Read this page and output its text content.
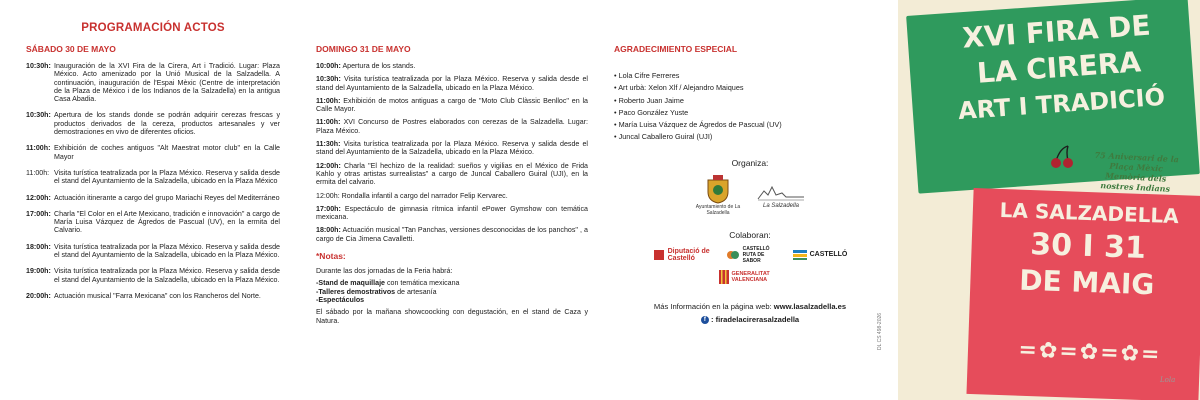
PROGRAMACIÓN ACTOS
SÁBADO 30 DE MAYO
10:30h: Inauguración de la XVI Fira de la Cirera, Art i Tradició. Lugar: Plaza México. Acto amenizado por la Unió Musical de la Salzadella. A continuación, inauguración de l'Espai Mèxic (Centre de interpretación de la Plaza de México i de los Indianos de la Salzadella) en la antigua Casa Abadia.
10:30h: Apertura de los stands donde se podrán adquirir cerezas frescas y productos derivados de la cereza, productos artesanales y ver demostraciones en vivo de diferentes oficios.
11:00h: Exhibición de coches antiguos "Alt Maestrat motor club" en la Calle Mayor
11:00h: Visita turística teatralizada por la Plaza México. Reserva y salida desde el stand del Ayuntamiento de la Salzadella, ubicado en la Plaza México
12:00h: Actuación itinerante a cargo del grupo Mariachi Reyes del Mediterráneo
17:00h: Charla "El Color en el Arte Mexicano, tradición e innovación" a cargo de María Luisa Vázquez de Ágredos de Pascual (UV), en la ermita del Calvario.
18:00h: Visita turística teatralizada por la Plaza México. Reserva y salida desde el stand del Ayuntamiento de la Salzadella, ubicado en la Plaza México.
19:00h: Visita turística teatralizada por la Plaza México. Reserva y salida desde el stand del Ayuntamiento de la Salzadella, ubicado en la Plaza México.
20:00h: Actuación musical "Farra Mexicana" con los Rancheros del Norte.
DOMINGO 31 DE MAYO
10:00h: Apertura de los stands.
10:30h: Visita turística teatralizada por la Plaza México. Reserva y salida desde el stand del Ayuntamiento de la Salzadella, ubicado en la Plaza México.
11:00h: Exhibición de motos antiguas a cargo de "Moto Club Clàssic Benlloc" en la Calle Mayor.
11:00h: XVI Concurso de Postres elaborados con cerezas de la Salzadella. Lugar: Plaza México.
11:30h: Visita turística teatralizada por la Plaza México. Reserva y salida desde el stand del Ayuntamiento de la Salzadella, ubicado en la Plaza México.
12:00h: Charla "El hechizo de la realidad: sueños y vigilias en el México de Frida Kahlo y otras artistas surrealistas" a cargo de Juncal Caballero Guiral (UJI), en la ermita del calvario.
12:00h: Rondalla infantil a cargo del narrador Felip Kervarec.
17:00h: Espectáculo de gimnasia rítmica infantil ePower Gymshow con temática mexicana.
18:00h: Actuación musical "Tan Panchas, versiones desconocidas de los panchos" , a cargo de Cia Jimena Cavalletti.
*Notas:

Durante las dos jornadas de la Feria habrá:

-Stand de maquillaje con temática mexicana

-Talleres demostrativos de artesanía

-Espectáculos

El sábado por la mañana showcoocking con degustación, en el stand de Caza y Natura.

AGRADECIMIENTO ESPECIAL
• Lola Cifre Ferreres
• Art urbà: Xelon Xlf / Alejandro Maiques
• Roberto Juan Jaime
• Paco González Yuste
• María Luisa Vázquez de Ágredos de Pascual (UV)
• Juncal Caballero Guiral (UJI)
Organiza:
Ayuntamiento de La Salzadella
La Salzadella
Colaboran:
Diputació de Castelló
CASTELLÓ RUTA DE SABOR
CASTELLÓ
GENERALITAT VALENCIANA
Más Información en la página web: www.lasalzadella.es
f : firadelacirerasalzadella	DL CS 498-2026
XVI FIRA DE
LA CIRERA
ART I TRADICIÓ
75 Aniversari de la
Plaça Mèxic
Memòria dels
nostres Indians
LA SALZADELLA
30 I 31
DE MAIG
=✿=✿=✿=
Lola
